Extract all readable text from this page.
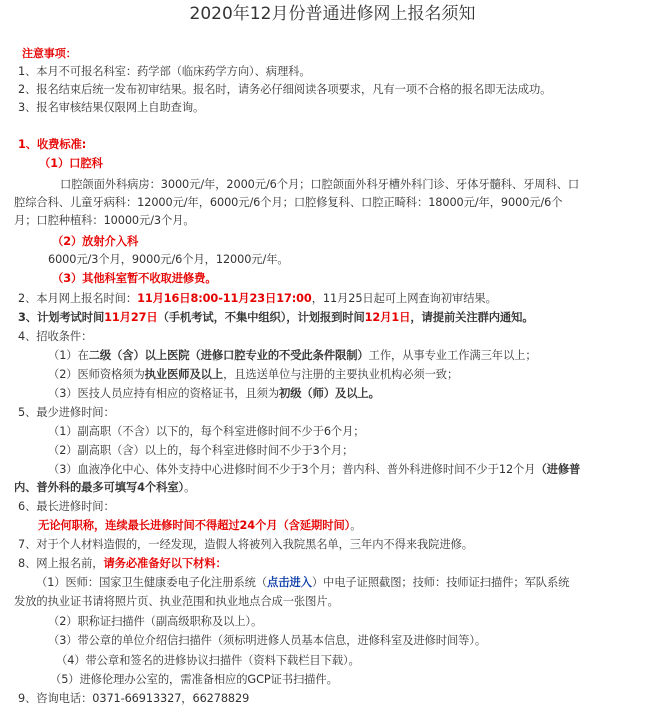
2020年12月份普通进修网上报名须知
注意事项：
1、本月不可报名科室：药学部（临床药学方向）、病理科。
2、报名结束后统一发布初审结果。报名时，请务必仔细阅读各项要求，凡有一项不合格的报名即无法成功。
3、报名审核结果仅限网上自助查询。
1、收费标准:
（1）口腔科
口腔颌面外科病房：3000元/年，2000元/6个月；口腔颌面外科牙槽外科门诊、牙体牙髓科、牙周科、口
腔综合科、儿童牙病科：12000元/年，6000元/6个月；口腔修复科、口腔正畸科：18000元/年，9000元/6个
月；口腔种植科：10000元/3个月。
（2）放射介入科
6000元/3个月，9000元/6个月，12000元/年。
（3）其他科室暂不收取进修费。
2、本月网上报名时间：11月16日8:00-11月23日17:00，11月25日起可上网查询初审结果。
3、计划考试时间11月27日（手机考试，不集中组织），计划报到时间12月1日，请提前关注群内通知。
4、招收条件：
（1）在二级（含）以上医院（进修口腔专业的不受此条件限制）工作，从事专业工作满三年以上；
（2）医师资格须为执业医师及以上，且选送单位与注册的主要执业机构必须一致；
（3）医技人员应持有相应的资格证书，且须为初级（师）及以上。
5、最少进修时间：
（1）副高职（不含）以下的，每个科室进修时间不少于6个月；
（2）副高职（含）以上的，每个科室进修时间不少于3个月；
（3）血液净化中心、体外支持中心进修时间不少于3个月；普内科、普外科进修时间不少于12个月（进修普
内、普外科的最多可填写4个科室）。
6、最长进修时间：
无论何职称，连续最长进修时间不得超过24个月（含延期时间）。
7、对于个人材料造假的，一经发现，造假人将被列入我院黑名单，三年内不得来我院进修。
8、网上报名前，请务必准备好以下材料：
（1）医师：国家卫生健康委电子化注册系统（点击进入）中电子证照截图；技师：技师证扫描件；军队系统
发放的执业证书请将照片页、执业范围和执业地点合成一张图片。
（2）职称证扫描件（副高级职称及以上）。
（3）带公章的单位介绍信扫描件（须标明进修人员基本信息，进修科室及进修时间等）。
（4）带公章和签名的进修协议扫描件（资料下载栏目下载）。
（5）进修伦理办公室的，需准备相应的GCP证书扫描件。
9、咨询电话：0371-66913327，66278829
